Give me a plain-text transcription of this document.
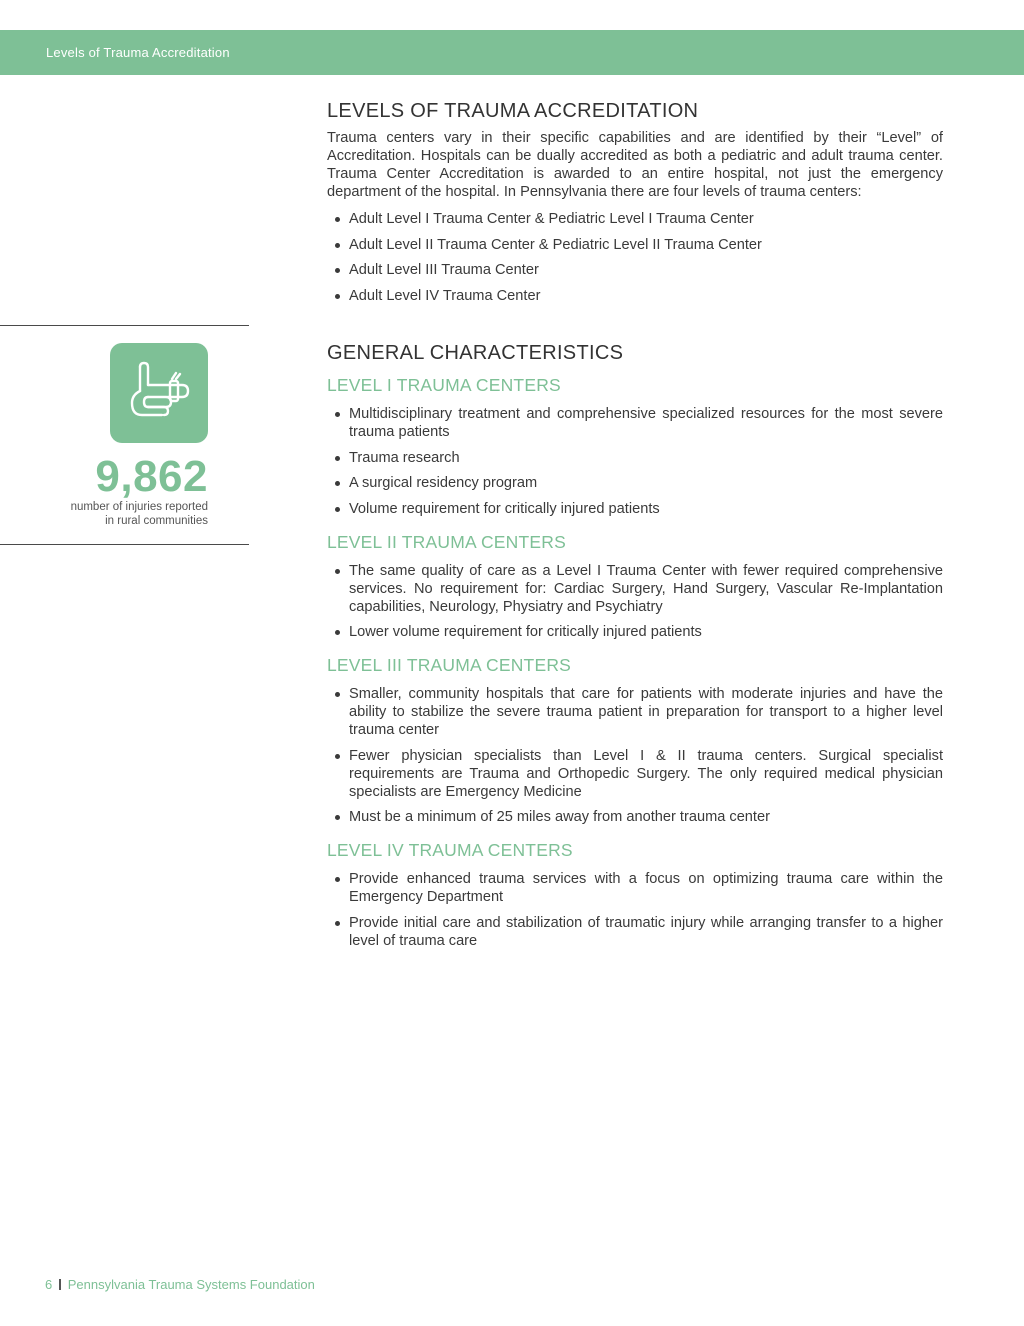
Levels of Trauma Accreditation
9,862
number of injuries reported
in rural communities
LEVELS OF TRAUMA ACCREDITATION

Trauma centers vary in their specific capabilities and are identified by their “Level” of Accreditation. Hospitals can be dually accredited as both a pediatric and adult trauma center. Trauma Center Accreditation is awarded to an entire hospital, not just the emergency department of the hospital. In Pennsylvania there are four levels of trauma centers:

Adult Level I Trauma Center & Pediatric Level I Trauma Center
Adult Level II Trauma Center & Pediatric Level II Trauma Center
Adult Level III Trauma Center
Adult Level IV Trauma Center
GENERAL CHARACTERISTICS
LEVEL I TRAUMA CENTERS
Multidisciplinary treatment and comprehensive specialized resources for the most severe trauma patients
Trauma research
A surgical residency program
Volume requirement for critically injured patients
LEVEL II TRAUMA CENTERS
The same quality of care as a Level I Trauma Center with fewer required comprehensive services. No requirement for: Cardiac Surgery, Hand Surgery, Vascular Re-Implantation capabilities, Neurology, Physiatry and Psychiatry
Lower volume requirement for critically injured patients
LEVEL III TRAUMA CENTERS
Smaller, community hospitals that care for patients with moderate injuries and have the ability to stabilize the severe trauma patient in preparation for transport to a higher level trauma center
Fewer physician specialists than Level I & II trauma centers. Surgical specialist requirements are Trauma and Orthopedic Surgery. The only required medical physician specialists are Emergency Medicine
Must be a minimum of 25 miles away from another trauma center
LEVEL IV TRAUMA CENTERS
Provide enhanced trauma services with a focus on optimizing trauma care within the Emergency Department
Provide initial care and stabilization of traumatic injury while arranging transfer to a higher level of trauma care
6 Pennsylvania Trauma Systems Foundation
